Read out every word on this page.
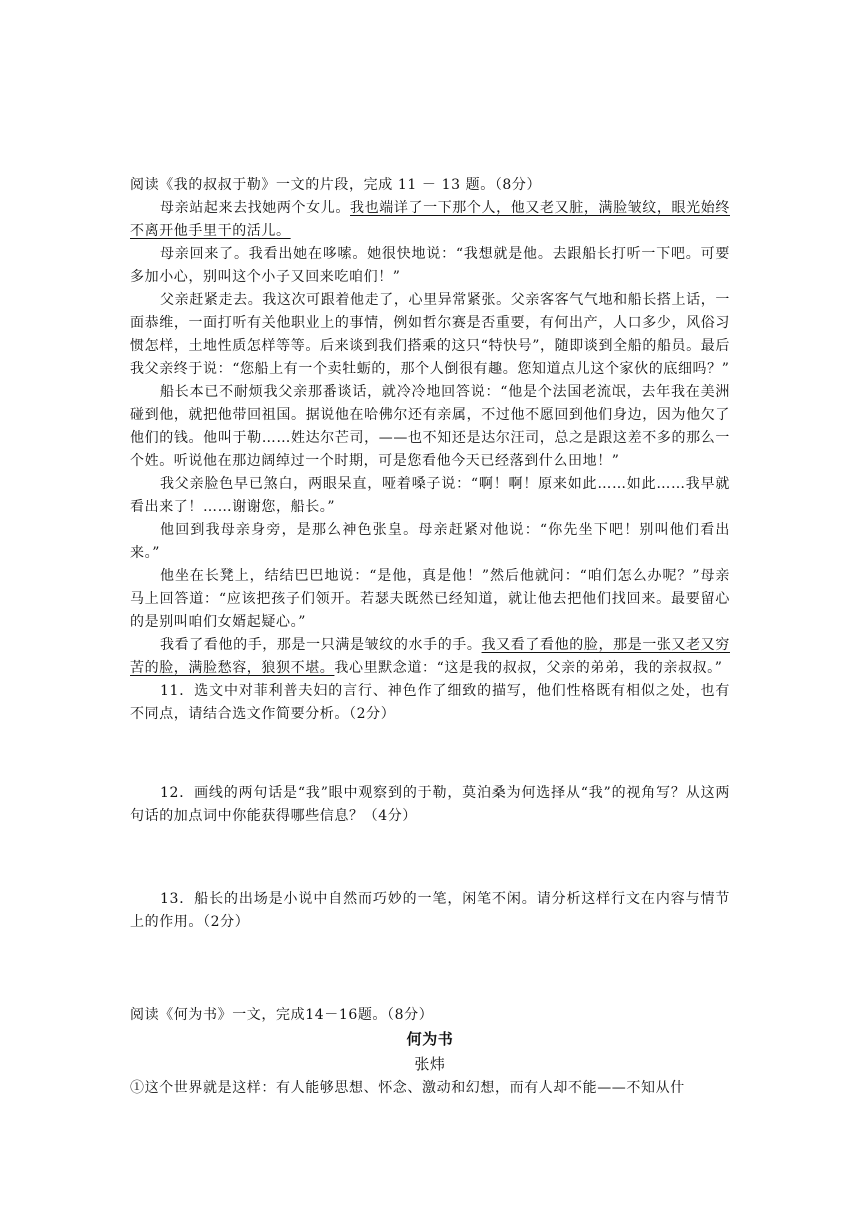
阅读《我的叔叔于勒》一文的片段，完成 11 － 13 题。（8分）

母亲站起来去找她两个女儿。我也端详了一下那个人，他又老又脏，满脸皱纹，眼光始终不离开他手里干的活儿。

母亲回来了。我看出她在哆嗦。她很快地说：“我想就是他。去跟船长打听一下吧。可要多加小心，别叫这个小子又回来吃咱们！”

父亲赶紧走去。我这次可跟着他走了，心里异常紧张。父亲客客气气地和船长搭上话，一面恭维，一面打听有关他职业上的事情，例如哲尔赛是否重要，有何出产，人口多少，风俗习惯怎样，土地性质怎样等等。后来谈到我们搭乘的这只“特快号”，随即谈到全船的船员。最后我父亲终于说：“您船上有一个卖牡蛎的，那个人倒很有趣。您知道点儿这个家伙的底细吗？”

船长本已不耐烦我父亲那番谈话，就冷冷地回答说：“他是个法国老流氓，去年我在美洲碰到他，就把他带回祖国。据说他在哈佛尔还有亲属，不过他不愿回到他们身边，因为他欠了他们的钱。他叫于勒……姓达尔芒司，——也不知还是达尔汪司，总之是跟这差不多的那么一个姓。听说他在那边阔绰过一个时期，可是您看他今天已经落到什么田地！”

我父亲脸色早已煞白，两眼呆直，哑着嗓子说：“啊！啊！原来如此……如此……我早就看出来了！……谢谢您，船长。”

他回到我母亲身旁，是那么神色张皇。母亲赶紧对他说：“你先坐下吧！别叫他们看出来。”

他坐在长凳上，结结巴巴地说：“是他，真是他！”然后他就问：“咱们怎么办呢？”母亲马上回答道：“应该把孩子们领开。若瑟夫既然已经知道，就让他去把他们找回来。最要留心的是别叫咱们女婿起疑心。”

我看了看他的手，那是一只满是皱纹的水手的手。我又看了看他的脸，那是一张又老又穷苦的脸，满脸愁容，狼狈不堪。我心里默念道：“这是我的叔叔，父亲的弟弟，我的亲叔叔。”

11．选文中对菲利普夫妇的言行、神色作了细致的描写，他们性格既有相似之处，也有不同点，请结合选文作简要分析。（2分）

12．画线的两句话是“我”眼中观察到的于勒，莫泊桑为何选择从“我”的视角写？从这两句话的加点词中你能获得哪些信息？（4分）

13．船长的出场是小说中自然而巧妙的一笔，闲笔不闲。请分析这样行文在内容与情节上的作用。（2分）

阅读《何为书》一文，完成14－16题。（8分）

何为书

张炜

①这个世界就是这样：有人能够思想、怀念、激动和幻想，而有人却不能——不知从什
